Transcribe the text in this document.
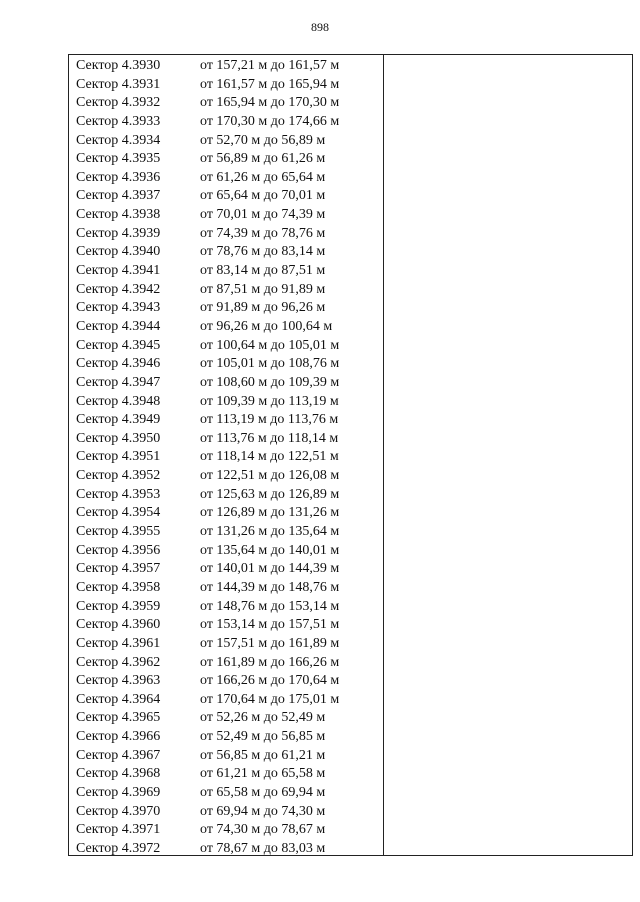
898
Сектор 4.3930	от 157,21 м до 161,57 м
Сектор 4.3931	от 161,57 м до 165,94 м
Сектор 4.3932	от 165,94 м до 170,30 м
Сектор 4.3933	от 170,30 м до 174,66 м
Сектор 4.3934	от 52,70 м до 56,89 м
Сектор 4.3935	от 56,89 м до 61,26 м
Сектор 4.3936	от 61,26 м до 65,64 м
Сектор 4.3937	от 65,64 м до 70,01 м
Сектор 4.3938	от 70,01 м до 74,39 м
Сектор 4.3939	от 74,39 м до 78,76 м
Сектор 4.3940	от 78,76 м до 83,14 м
Сектор 4.3941	от 83,14 м до 87,51 м
Сектор 4.3942	от 87,51 м до 91,89 м
Сектор 4.3943	от 91,89 м до 96,26 м
Сектор 4.3944	от 96,26 м до 100,64 м
Сектор 4.3945	от 100,64 м до 105,01 м
Сектор 4.3946	от 105,01 м до 108,76 м
Сектор 4.3947	от 108,60 м до 109,39 м
Сектор 4.3948	от 109,39 м до 113,19 м
Сектор 4.3949	от 113,19 м до 113,76 м
Сектор 4.3950	от 113,76 м до 118,14 м
Сектор 4.3951	от 118,14 м до 122,51 м
Сектор 4.3952	от 122,51 м до 126,08 м
Сектор 4.3953	от 125,63 м до 126,89 м
Сектор 4.3954	от 126,89 м до 131,26 м
Сектор 4.3955	от 131,26 м до 135,64 м
Сектор 4.3956	от 135,64 м до 140,01 м
Сектор 4.3957	от 140,01 м до 144,39 м
Сектор 4.3958	от 144,39 м до 148,76 м
Сектор 4.3959	от 148,76 м до 153,14 м
Сектор 4.3960	от 153,14 м до 157,51 м
Сектор 4.3961	от 157,51 м до 161,89 м
Сектор 4.3962	от 161,89 м до 166,26 м
Сектор 4.3963	от 166,26 м до 170,64 м
Сектор 4.3964	от 170,64 м до 175,01 м
Сектор 4.3965	от 52,26 м до 52,49 м
Сектор 4.3966	от 52,49 м до 56,85 м
Сектор 4.3967	от 56,85 м до 61,21 м
Сектор 4.3968	от 61,21 м до 65,58 м
Сектор 4.3969	от 65,58 м до 69,94 м
Сектор 4.3970	от 69,94 м до 74,30 м
Сектор 4.3971	от 74,30 м до 78,67 м
Сектор 4.3972	от 78,67 м до 83,03 м
